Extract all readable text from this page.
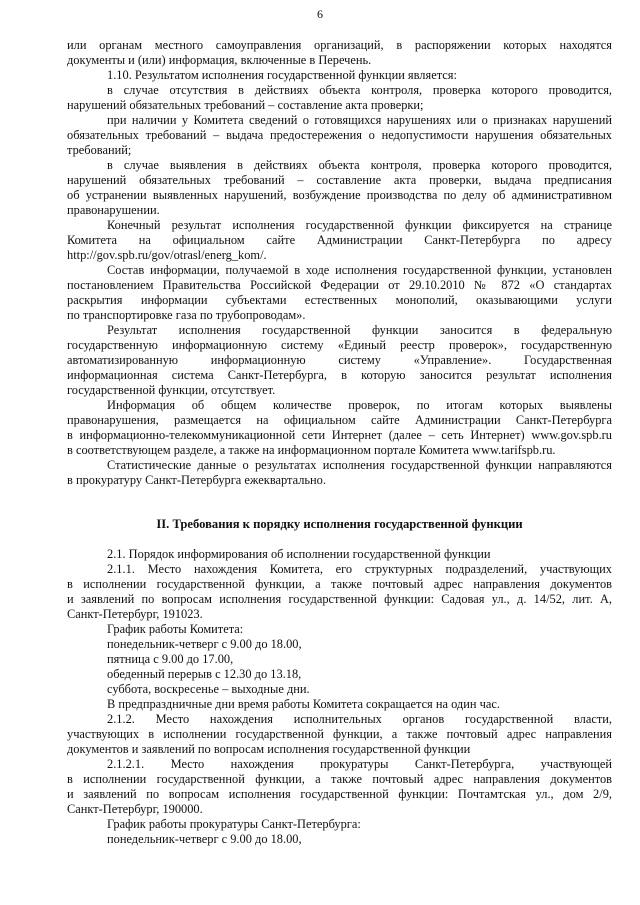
6
или органам местного самоуправления организаций, в распоряжении которых находятся
документы и (или) информация, включенные в Перечень.
1.10. Результатом исполнения государственной функции является:
в случае отсутствия в действиях объекта контроля, проверка которого проводится,
нарушений обязательных требований – составление акта проверки;
при наличии у Комитета сведений о готовящихся нарушениях или о признаках нарушений
обязательных требований – выдача предостережения о недопустимости нарушения обязательных
требований;
в случае выявления в действиях объекта контроля, проверка которого проводится,
нарушений обязательных требований – составление акта проверки, выдача предписания
об устранении выявленных нарушений, возбуждение производства по делу об административном
правонарушении.
Конечный результат исполнения государственной функции фиксируется на странице
Комитета на официальном сайте Администрации Санкт-Петербурга по адресу
http://gov.spb.ru/gov/otrasl/energ_kom/.
Состав информации, получаемой в ходе исполнения государственной функции, установлен
постановлением Правительства Российской Федерации от 29.10.2010 № 872 «О стандартах
раскрытия информации субъектами естественных монополий, оказывающими услуги
по транспортировке газа по трубопроводам».
Результат исполнения государственной функции заносится в федеральную
государственную информационную систему «Единый реестр проверок», государственную
автоматизированную информационную систему «Управление». Государственная
информационная система Санкт-Петербурга, в которую заносится результат исполнения
государственной функции, отсутствует.
Информация об общем количестве проверок, по итогам которых выявлены
правонарушения, размещается на официальном сайте Администрации Санкт-Петербурга
в информационно-телекоммуникационной сети Интернет (далее – сеть Интернет) www.gov.spb.ru
в соответствующем разделе, а также на информационном портале Комитета www.tarifspb.ru.
Статистические данные о результатах исполнения государственной функции направляются
в прокуратуру Санкт-Петербурга ежеквартально.
II. Требования к порядку исполнения государственной функции
2.1. Порядок информирования об исполнении государственной функции
2.1.1. Место нахождения Комитета, его структурных подразделений, участвующих
в исполнении государственной функции, а также почтовый адрес направления документов
и заявлений по вопросам исполнения государственной функции: Садовая ул., д. 14/52, лит. А,
Санкт-Петербург, 191023.
График работы Комитета:
понедельник-четверг с 9.00 до 18.00,
пятница с 9.00 до 17.00,
обеденный перерыв с 12.30 до 13.18,
суббота, воскресенье – выходные дни.
В предпраздничные дни время работы Комитета сокращается на один час.
2.1.2. Место нахождения исполнительных органов государственной власти,
участвующих в исполнении государственной функции, а также почтовый адрес направления
документов и заявлений по вопросам исполнения государственной функции
2.1.2.1. Место нахождения прокуратуры Санкт-Петербурга, участвующей
в исполнении государственной функции, а также почтовый адрес направления документов
и заявлений по вопросам исполнения государственной функции: Почтамтская ул., дом 2/9,
Санкт-Петербург, 190000.
График работы прокуратуры Санкт-Петербурга:
понедельник-четверг с 9.00 до 18.00,
